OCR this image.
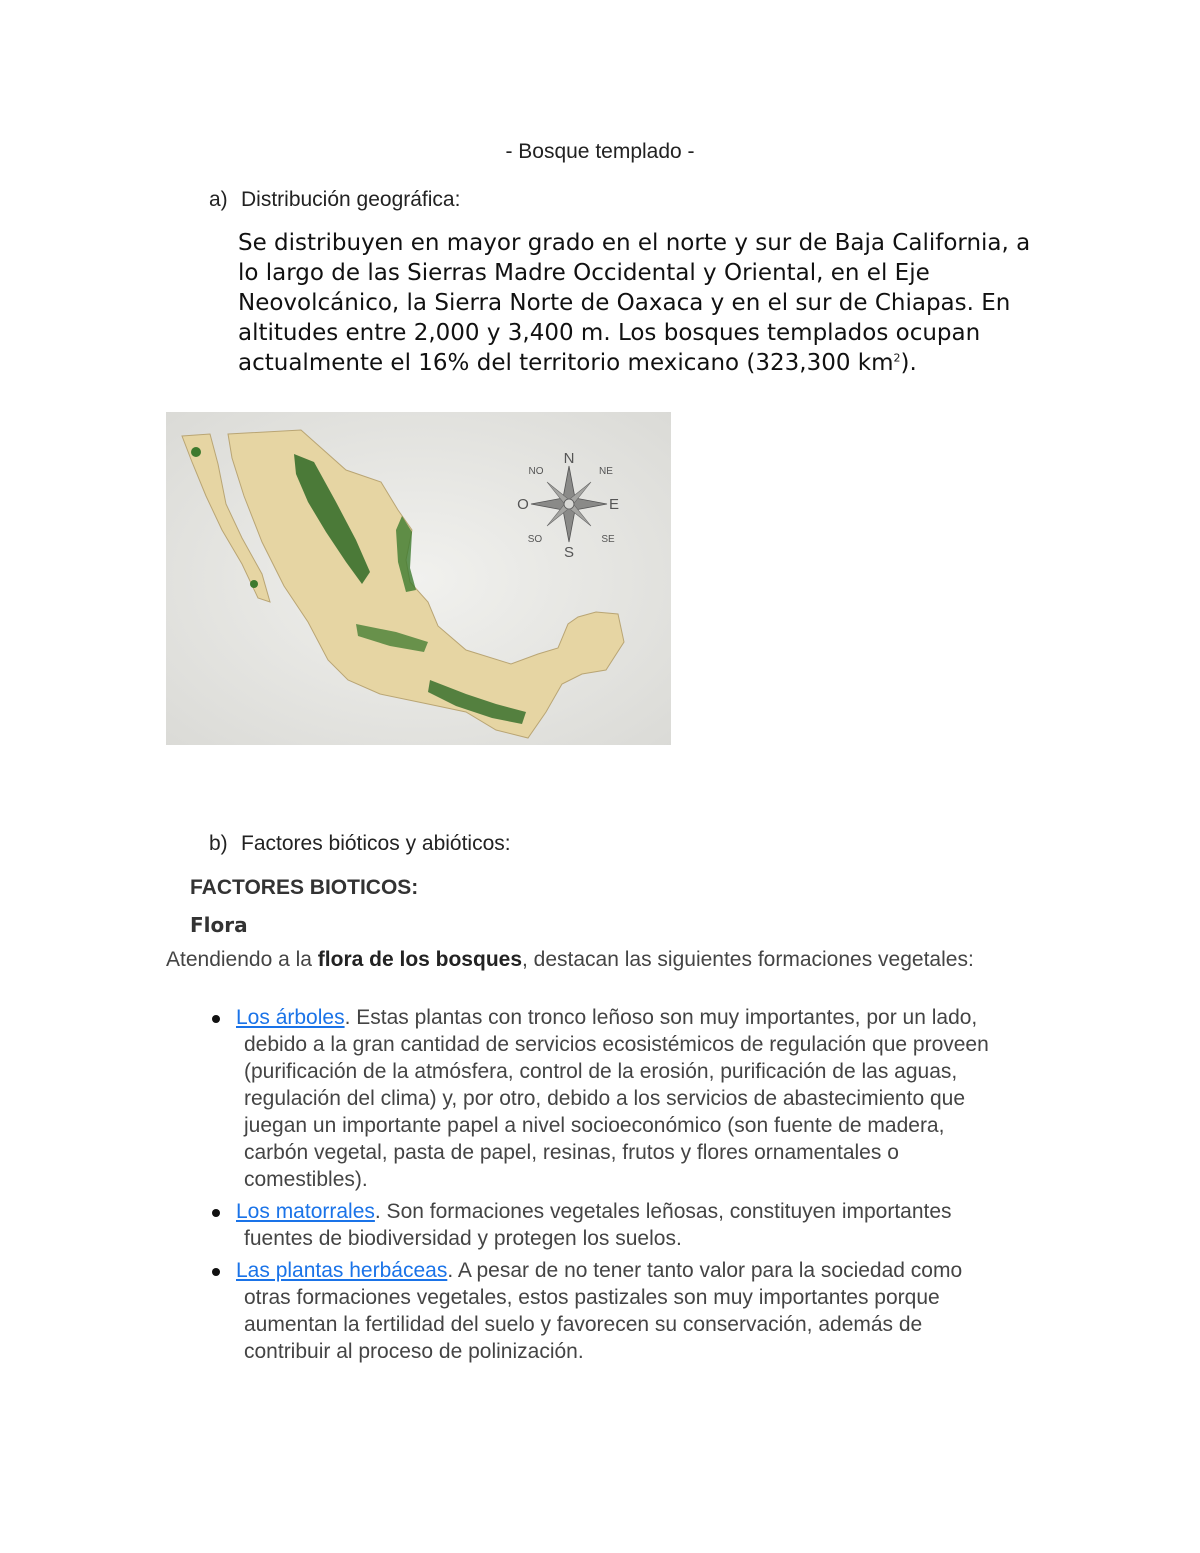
- Bosque templado -
a) Distribución geográfica:

Se distribuyen en mayor grado en el norte y sur de Baja California, a lo largo de las Sierras Madre Occidental y Oriental, en el Eje Neovolcánico, la Sierra Norte de Oaxaca y en el sur de Chiapas. En altitudes entre 2,000 y 3,400 m. Los bosques templados ocupan actualmente el 16% del territorio mexicano (323,300 $km^2$).

N
S
E
O
NE
NO
SE
SO
b) Factores bióticos y abióticos:
FACTORES BIOTICOS:
Flora

Atendiendo a la flora de los bosques, destacan las siguientes formaciones vegetales:

Los árboles. Estas plantas con tronco leñoso son muy importantes, por un lado, debido a la gran cantidad de servicios ecosistémicos de regulación que proveen (purificación de la atmósfera, control de la erosión, purificación de las aguas, regulación del clima) y, por otro, debido a los servicios de abastecimiento que juegan un importante papel a nivel socioeconómico (son fuente de madera, carbón vegetal, pasta de papel, resinas, frutos y flores ornamentales o comestibles).
Los matorrales. Son formaciones vegetales leñosas, constituyen importantes fuentes de biodiversidad y protegen los suelos.
Las plantas herbáceas. A pesar de no tener tanto valor para la sociedad como otras formaciones vegetales, estos pastizales son muy importantes porque aumentan la fertilidad del suelo y favorecen su conservación, además de contribuir al proceso de polinización.
